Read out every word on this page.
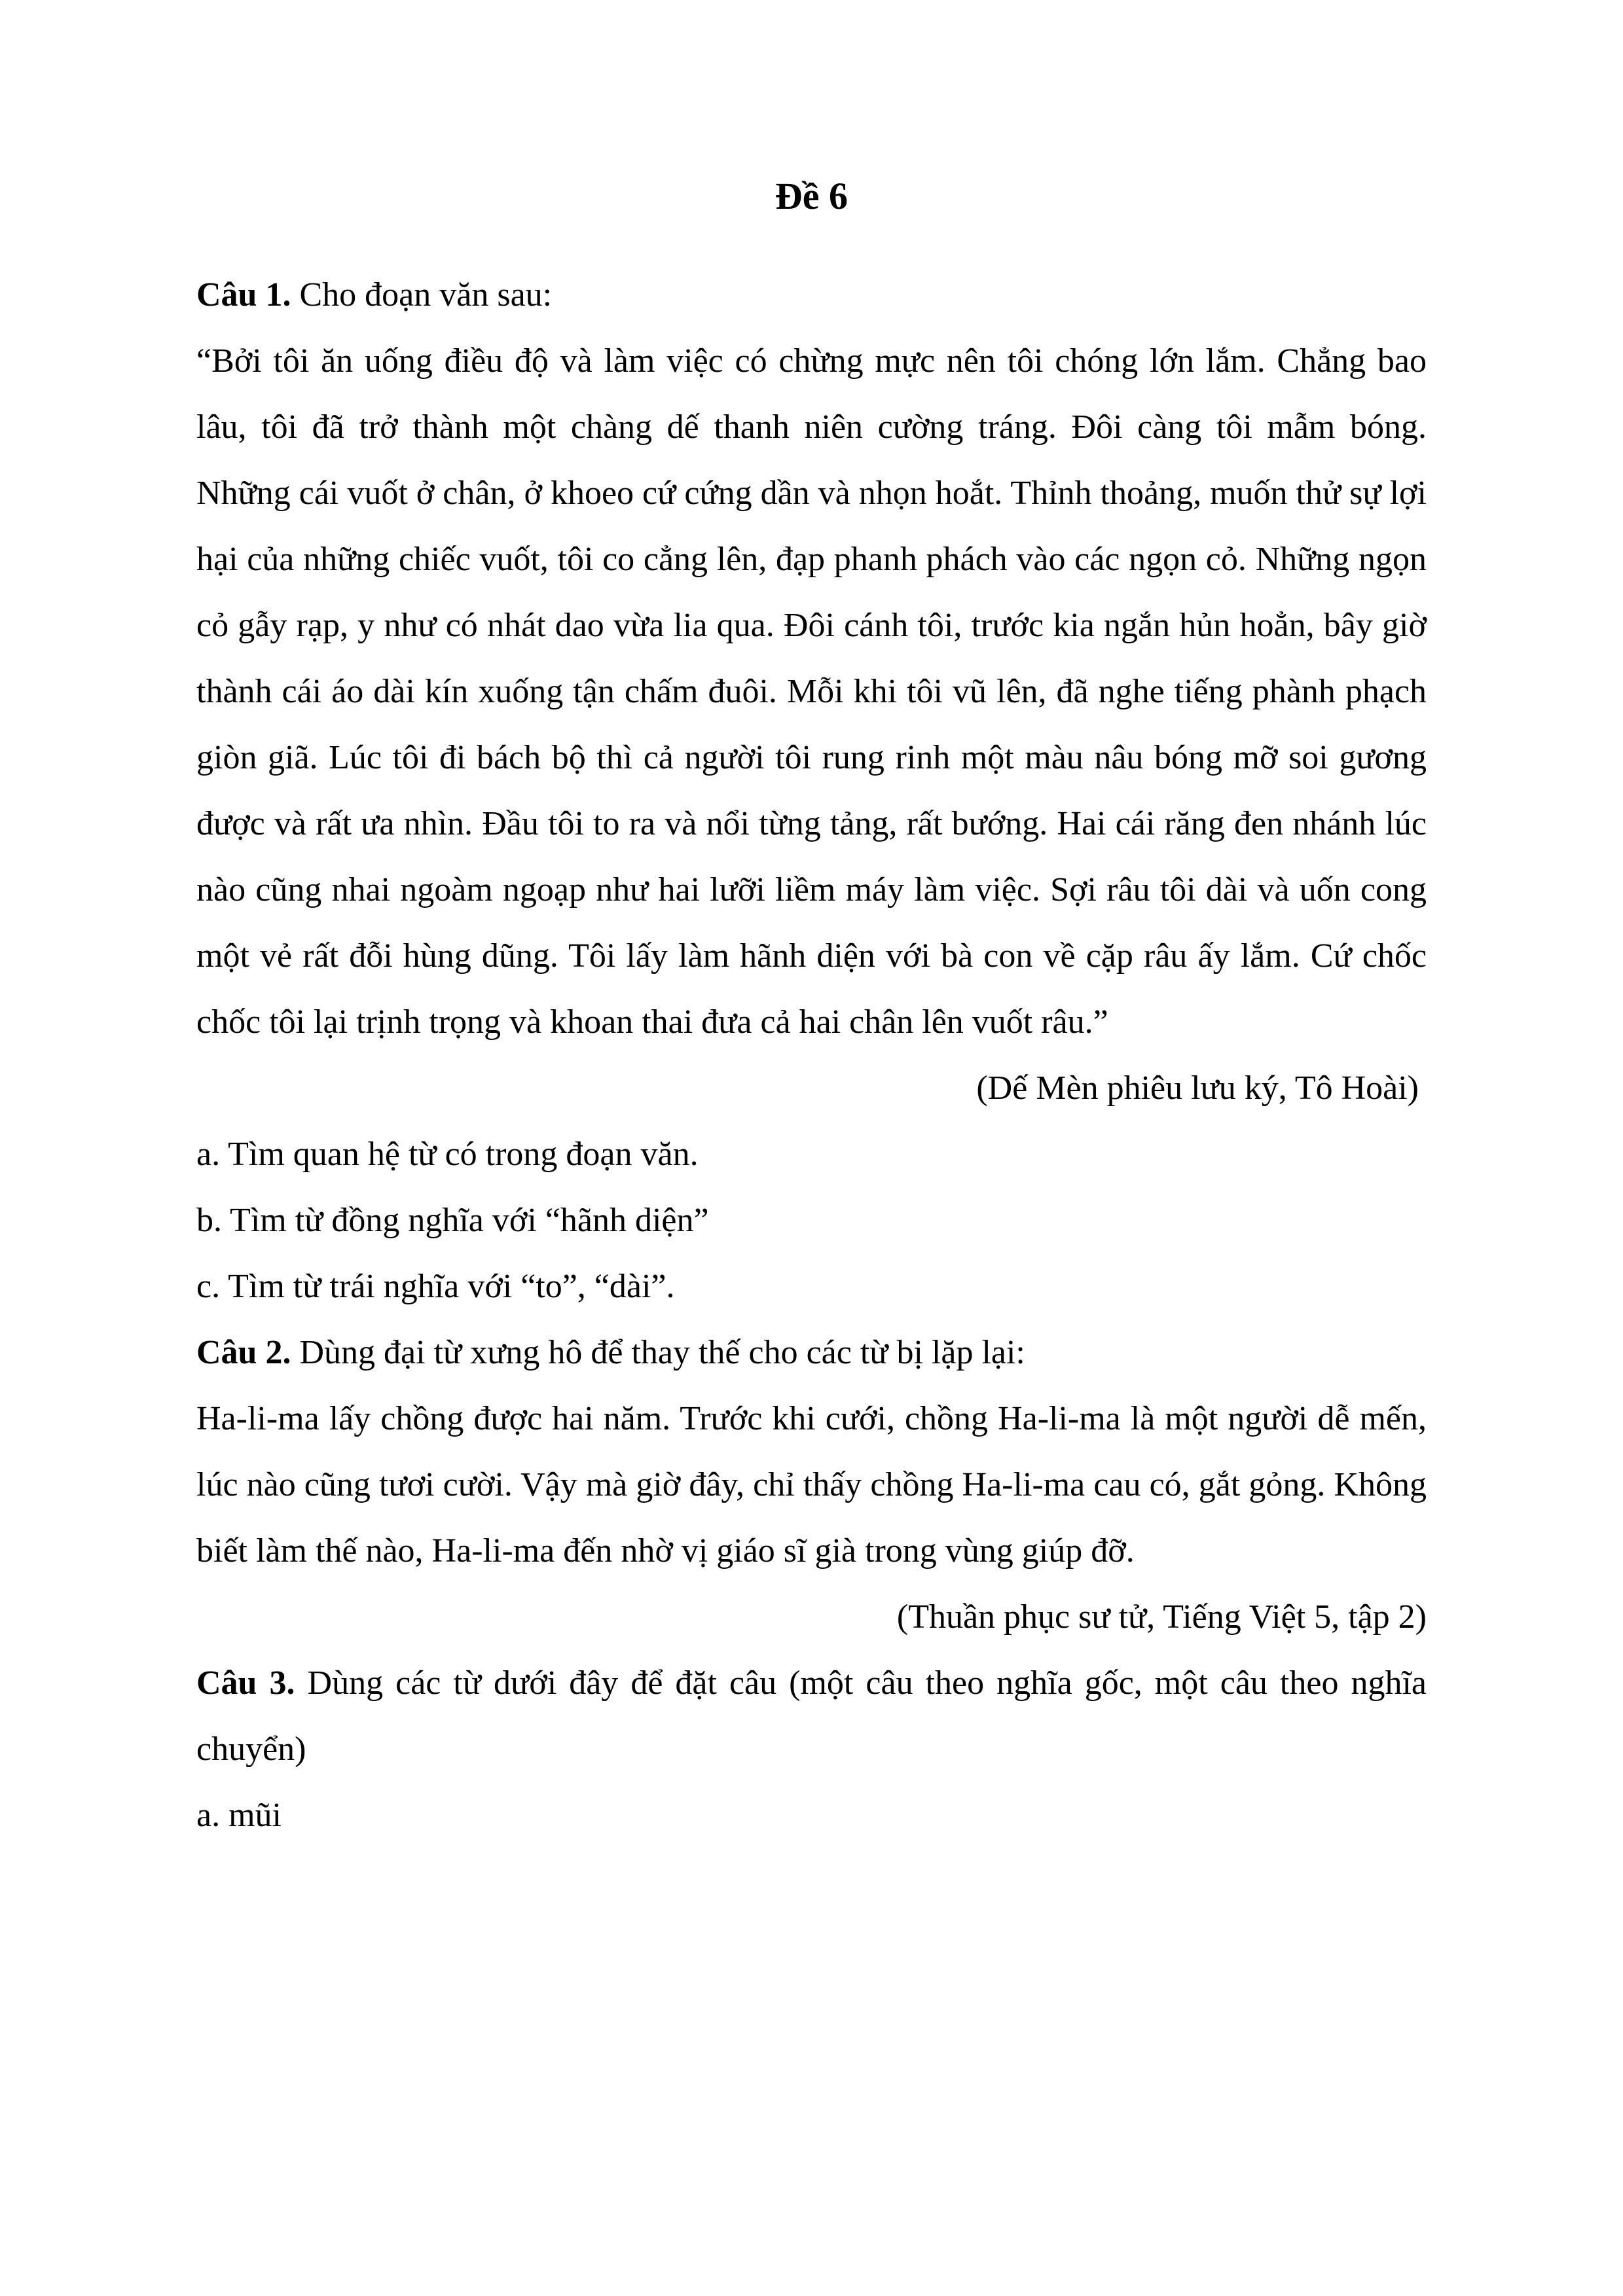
Đề 6

Câu 1. Cho đoạn văn sau:

“Bởi tôi ăn uống điều độ và làm việc có chừng mực nên tôi chóng lớn lắm. Chẳng bao lâu, tôi đã trở thành một chàng dế thanh niên cường tráng. Đôi càng tôi mẫm bóng. Những cái vuốt ở chân, ở khoeo cứ cứng dần và nhọn hoắt. Thỉnh thoảng, muốn thử sự lợi hại của những chiếc vuốt, tôi co cẳng lên, đạp phanh phách vào các ngọn cỏ. Những ngọn cỏ gẫy rạp, y như có nhát dao vừa lia qua. Đôi cánh tôi, trước kia ngắn hủn hoẳn, bây giờ thành cái áo dài kín xuống tận chấm đuôi. Mỗi khi tôi vũ lên, đã nghe tiếng phành phạch giòn giã. Lúc tôi đi bách bộ thì cả người tôi rung rinh một màu nâu bóng mỡ soi gương được và rất ưa nhìn. Đầu tôi to ra và nổi từng tảng, rất bướng. Hai cái răng đen nhánh lúc nào cũng nhai ngoàm ngoạp như hai lưỡi liềm máy làm việc. Sợi râu tôi dài và uốn cong một vẻ rất đỗi hùng dũng. Tôi lấy làm hãnh diện với bà con về cặp râu ấy lắm. Cứ chốc chốc tôi lại trịnh trọng và khoan thai đưa cả hai chân lên vuốt râu.”

(Dế Mèn phiêu lưu ký, Tô Hoài)

a. Tìm quan hệ từ có trong đoạn văn.

b. Tìm từ đồng nghĩa với “hãnh diện”

c. Tìm từ trái nghĩa với “to”, “dài”.

Câu 2. Dùng đại từ xưng hô để thay thế cho các từ bị lặp lại:

Ha-li-ma lấy chồng được hai năm. Trước khi cưới, chồng Ha-li-ma là một người dễ mến, lúc nào cũng tươi cười. Vậy mà giờ đây, chỉ thấy chồng Ha-li-ma cau có, gắt gỏng. Không biết làm thế nào, Ha-li-ma đến nhờ vị giáo sĩ già trong vùng giúp đỡ.

(Thuần phục sư tử, Tiếng Việt 5, tập 2)

Câu 3. Dùng các từ dưới đây để đặt câu (một câu theo nghĩa gốc, một câu theo nghĩa chuyển)

a. mũi
